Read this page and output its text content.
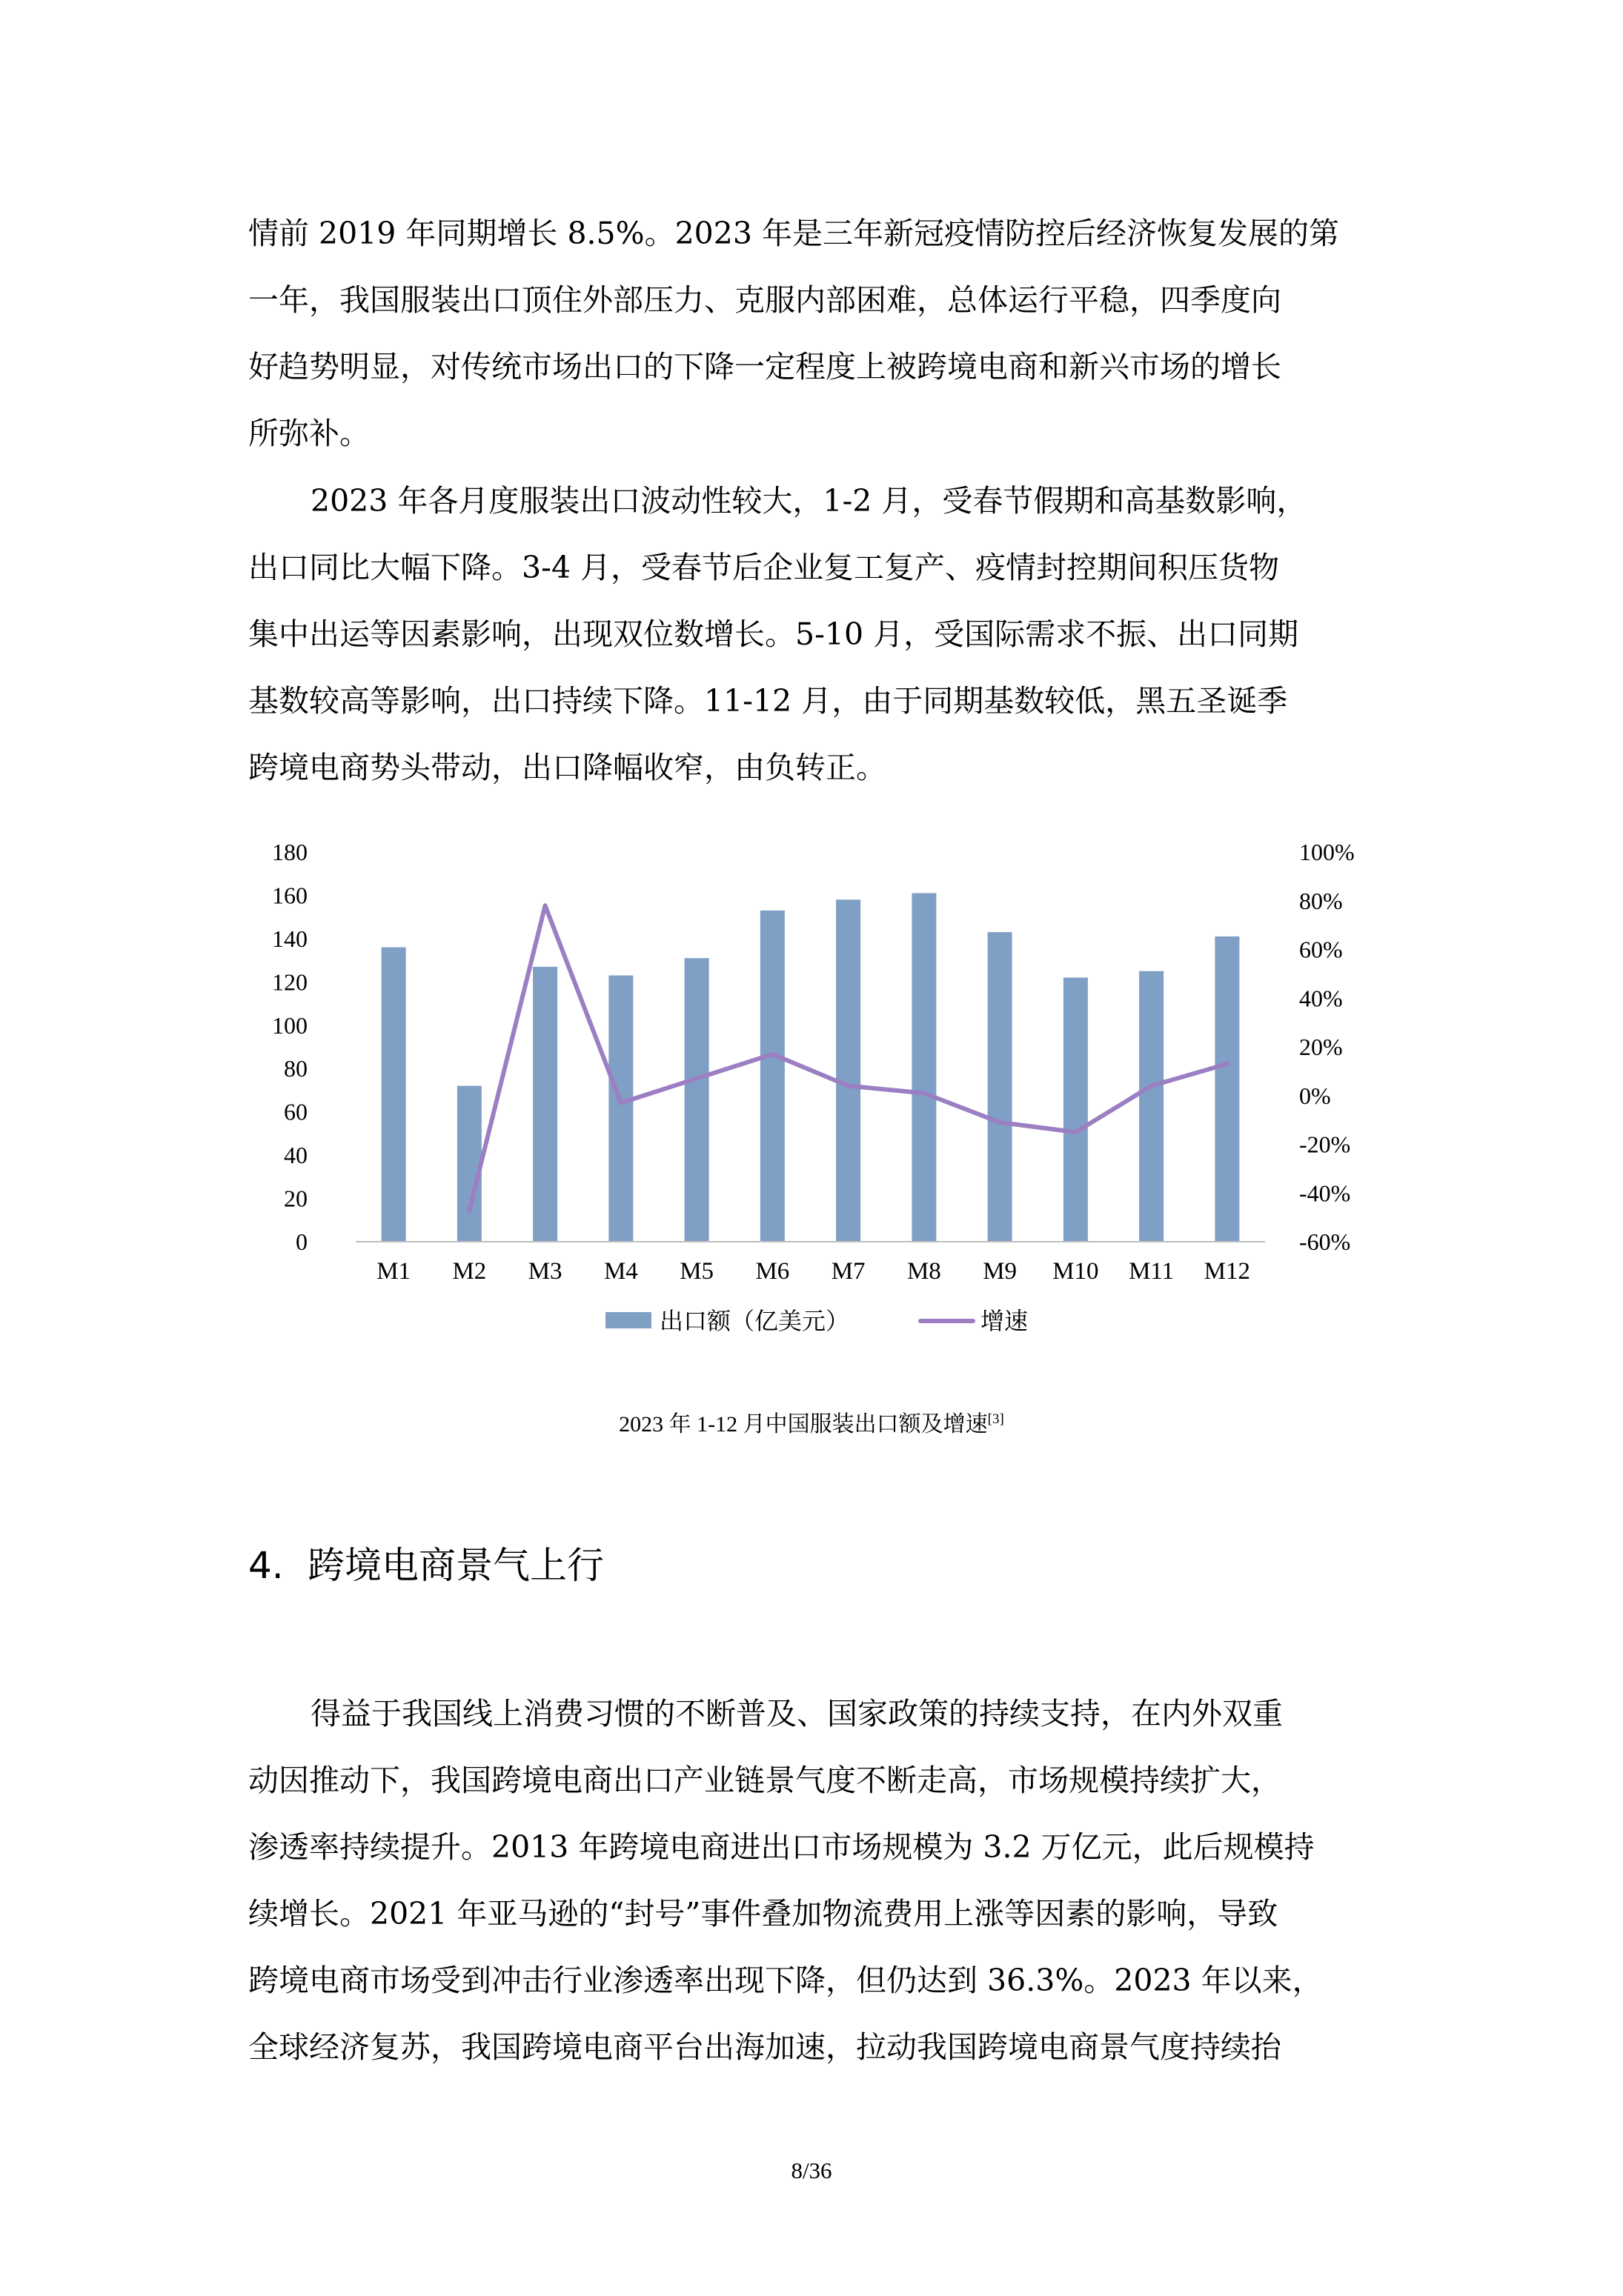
情前 2019 年同期增长 8.5%。2023 年是三年新冠疫情防控后经济恢复发展的第
一年，我国服装出口顶住外部压力、克服内部困难，总体运行平稳，四季度向
好趋势明显，对传统市场出口的下降一定程度上被跨境电商和新兴市场的增长
所弥补。
2023 年各月度服装出口波动性较大，1-2 月，受春节假期和高基数影响，
出口同比大幅下降。3-4 月，受春节后企业复工复产、疫情封控期间积压货物
集中出运等因素影响，出现双位数增长。5-10 月，受国际需求不振、出口同期
基数较高等影响，出口持续下降。11-12 月，由于同期基数较低，黑五圣诞季
跨境电商势头带动，出口降幅收窄，由负转正。
0
20
40
60
80
100
120
140
160
180
-60%
-40%
-20%
0%
20%
40%
60%
80%
100%
M1 M2 M3 M4 M5 M6 M7 M8 M9 M10 M11 M12
出口额（亿美元）	增速
2023 年 1-12 月中国服装出口额及增速[3]
4. 跨境电商景气上行
得益于我国线上消费习惯的不断普及、国家政策的持续支持，在内外双重
动因推动下，我国跨境电商出口产业链景气度不断走高，市场规模持续扩大，
渗透率持续提升。2013 年跨境电商进出口市场规模为 3.2 万亿元，此后规模持
续增长。2021 年亚马逊的“封号”事件叠加物流费用上涨等因素的影响，导致
跨境电商市场受到冲击行业渗透率出现下降，但仍达到 36.3%。2023 年以来，
全球经济复苏，我国跨境电商平台出海加速，拉动我国跨境电商景气度持续抬
8/36
